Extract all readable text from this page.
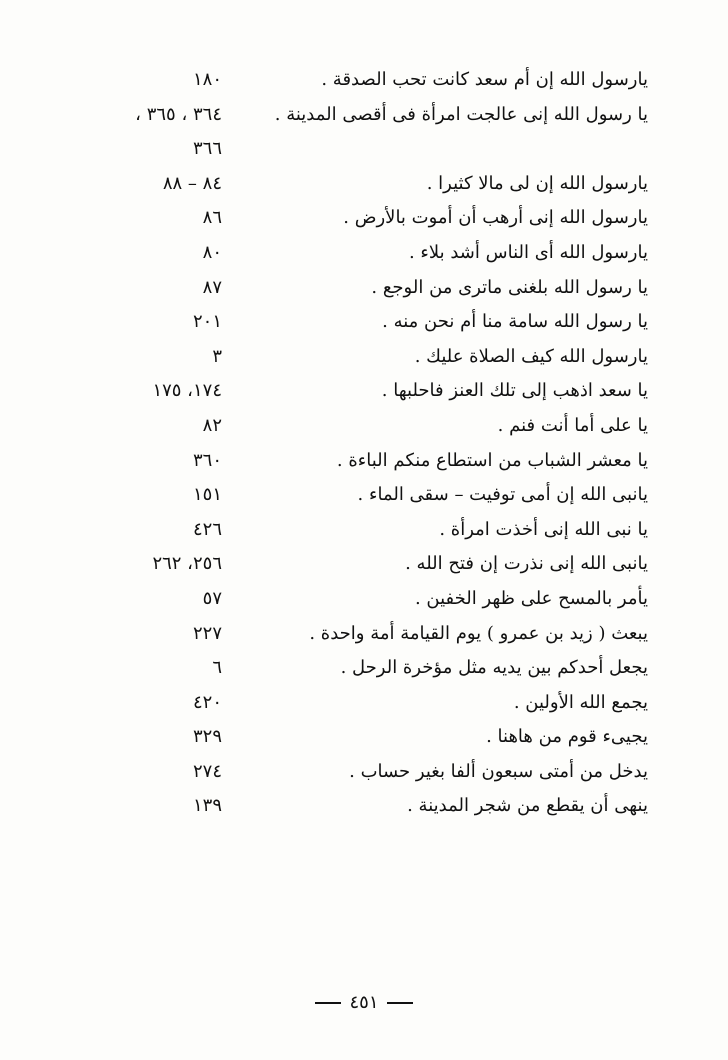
يارسول الله إن أم سعد كانت تحب الصدقة .
١٨٠
يا رسول الله إنى عالجت امرأة فى أقصى المدينة .
٣٦٤ ، ٣٦٥ ،
٣٦٦
يارسول الله إن لى مالا كثيرا .
٨٤ – ٨٨
يارسول الله إنى أرهب أن أموت بالأرض .
٨٦
يارسول الله أى الناس أشد بلاء .
٨٠
يا رسول الله بلغنى ماترى من الوجع .
٨٧
يا رسول الله سامة منا أم نحن منه .
٢٠١
يارسول الله كيف الصلاة عليك .
٣
يا سعد اذهب إلى تلك العنز فاحلبها .
١٧٤، ١٧٥
يا على أما أنت فنم .
٨٢
يا معشر الشباب من استطاع منكم الباءة .
٣٦٠
يانبى الله إن أمى توفيت – سقى الماء .
١٥١
يا نبى الله إنى أخذت امرأة .
٤٢٦
يانبى الله إنى نذرت إن فتح الله .
٢٥٦، ٢٦٢
يأمر بالمسح على ظهر الخفين .
٥٧
يبعث ( زيد بن عمرو ) يوم القيامة أمة واحدة .
٢٢٧
يجعل أحدكم بين يديه مثل مؤخرة الرحل .
٦
يجمع الله الأولين .
٤٢٠
يجيىء قوم من هاهنا .
٣٢٩
يدخل من أمتى سبعون ألفا بغير حساب .
٢٧٤
ينهى أن يقطع من شجر المدينة .
١٣٩
٤٥١
